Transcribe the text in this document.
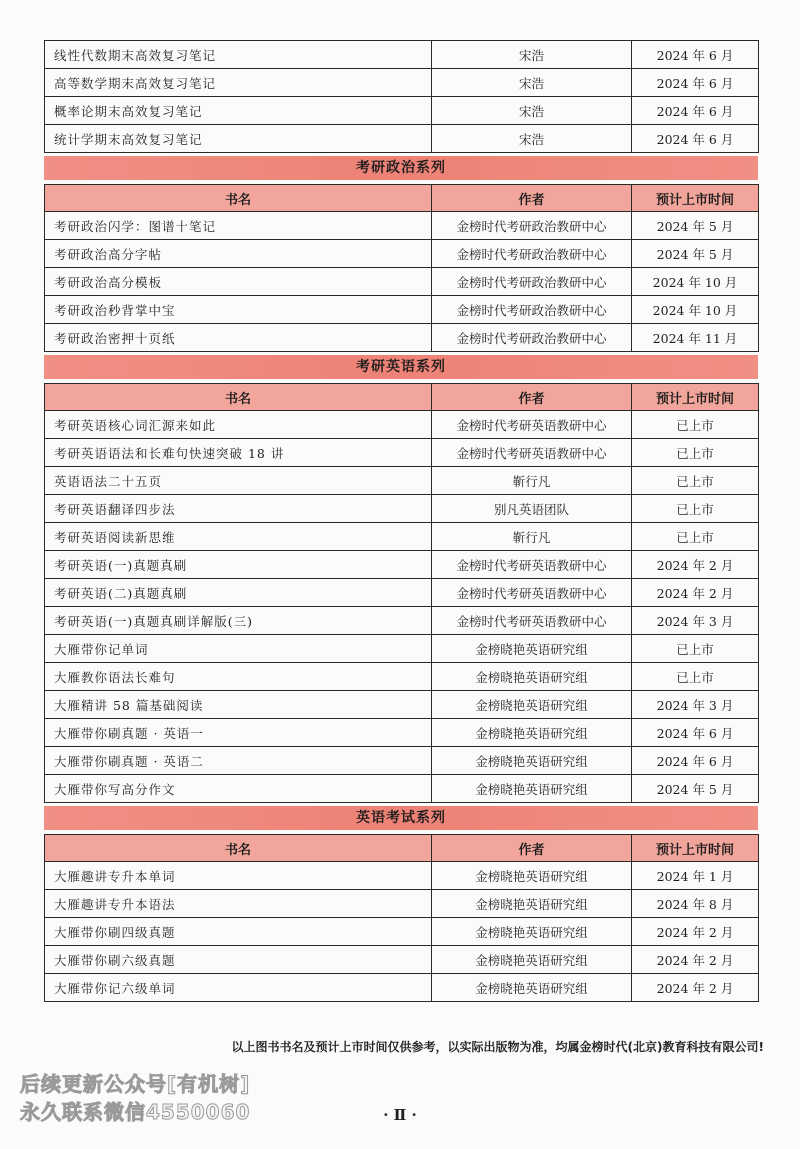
线性代数期末高效复习笔记	宋浩	2024 年 6 月
高等数学期末高效复习笔记	宋浩	2024 年 6 月
概率论期末高效复习笔记	宋浩	2024 年 6 月
统计学期末高效复习笔记	宋浩	2024 年 6 月
考研政治系列
书名	作者	预计上市时间
考研政治闪学：图谱十笔记	金榜时代考研政治教研中心	2024 年 5 月
考研政治高分字帖	金榜时代考研政治教研中心	2024 年 5 月
考研政治高分模板	金榜时代考研政治教研中心	2024 年 10 月
考研政治秒背掌中宝	金榜时代考研政治教研中心	2024 年 10 月
考研政治密押十页纸	金榜时代考研政治教研中心	2024 年 11 月
考研英语系列
书名	作者	预计上市时间
考研英语核心词汇源来如此	金榜时代考研英语教研中心	已上市
考研英语语法和长难句快速突破 18 讲	金榜时代考研英语教研中心	已上市
英语语法二十五页	靳行凡	已上市
考研英语翻译四步法	别凡英语团队	已上市
考研英语阅读新思维	靳行凡	已上市
考研英语(一)真题真刷	金榜时代考研英语教研中心	2024 年 2 月
考研英语(二)真题真刷	金榜时代考研英语教研中心	2024 年 2 月
考研英语(一)真题真刷详解版(三)	金榜时代考研英语教研中心	2024 年 3 月
大雁带你记单词	金榜晓艳英语研究组	已上市
大雁教你语法长难句	金榜晓艳英语研究组	已上市
大雁精讲 58 篇基础阅读	金榜晓艳英语研究组	2024 年 3 月
大雁带你刷真题 · 英语一	金榜晓艳英语研究组	2024 年 6 月
大雁带你刷真题 · 英语二	金榜晓艳英语研究组	2024 年 6 月
大雁带你写高分作文	金榜晓艳英语研究组	2024 年 5 月
英语考试系列
书名	作者	预计上市时间
大雁趣讲专升本单词	金榜晓艳英语研究组	2024 年 1 月
大雁趣讲专升本语法	金榜晓艳英语研究组	2024 年 8 月
大雁带你刷四级真题	金榜晓艳英语研究组	2024 年 2 月
大雁带你刷六级真题	金榜晓艳英语研究组	2024 年 2 月
大雁带你记六级单词	金榜晓艳英语研究组	2024 年 2 月
以上图书书名及预计上市时间仅供参考，以实际出版物为准，均属金榜时代(北京)教育科技有限公司!
后续更新公众号[有机树]
永久联系微信4550060	· Ⅱ ·
